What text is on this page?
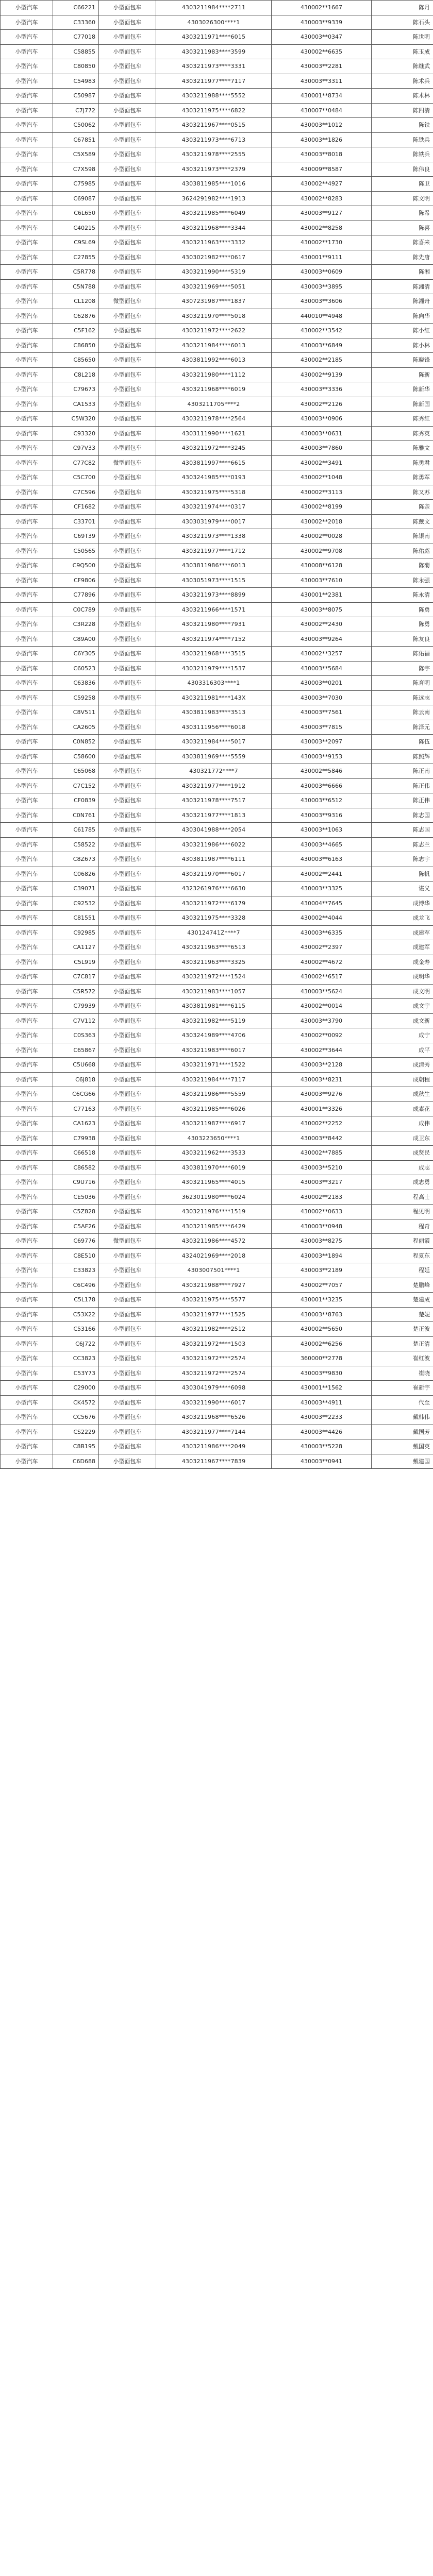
小型汽车	C66221	小型面包车	4303211984****2711	430002**1667	陈月
小型汽车	C33360	小型面包车	4303026300****1	430003**9339	陈石头
小型汽车	C77018	小型面包车	4303211971****6015	430003**0347	陈世明
小型汽车	C58855	小型面包车	4303211983****3599	430002**6635	陈玉成
小型汽车	C80850	小型面包车	4303211973****3331	430003**2281	陈继武
小型汽车	C54983	小型面包车	4303211977****7117	430003**3311	陈术兵
小型汽车	C50987	小型面包车	4303211988****5552	430001**8734	陈术林
小型汽车	C7J772	小型面包车	4303211975****6822	430007**0484	陈四清
小型汽车	C50062	小型面包车	4303211967****0515	430003**1012	陈铁
小型汽车	C67851	小型面包车	4303211973****6713	430003**1826	陈铁兵
小型汽车	C5X589	小型面包车	4303211978****2555	430003**8018	陈铁兵
小型汽车	C7X598	小型面包车	4303211973****2379	430009**8587	陈伟良
小型汽车	C75985	小型面包车	4303811985****1016	430002**4927	陈卫
小型汽车	C69087	小型面包车	3624291982****1913	430002**8283	陈文明
小型汽车	C6L650	小型面包车	4303211985****6049	430003**9127	陈希
小型汽车	C40215	小型面包车	4303211968****3344	430002**8258	陈喜
小型汽车	C9SL69	小型面包车	4303211963****3332	430002**1730	陈喜来
小型汽车	C27855	小型面包车	4303021982****0617	430001**9111	陈先唐
小型汽车	C5R778	小型面包车	4303211990****5319	430003**0609	陈湘
小型汽车	C5N788	小型面包车	4303211969****5051	430003**3895	陈湘清
小型汽车	CL1208	微型面包车	4307231987****1837	430003**3606	陈湘舟
小型汽车	C62876	小型面包车	4303211970****5018	440010**4948	陈向华
小型汽车	C5F162	小型面包车	4303211972****2622	430002**3542	陈小红
小型汽车	C86850	小型面包车	4303211984****6013	430003**6849	陈小林
小型汽车	C85650	小型面包车	4303811992****6013	430002**2185	陈晓锋
小型汽车	C8L218	小型面包车	4303211980****1112	430002**9139	陈新
小型汽车	C79673	小型面包车	4303211968****6019	430003**3336	陈新华
小型汽车	CA1533	小型面包车	4303211705****2	430002**2126	陈新国
小型汽车	C5W320	小型面包车	4303211978****2564	430003**0906	陈秀红
小型汽车	C93320	小型面包车	4303111990****1621	430003**0631	陈秀英
小型汽车	C97V33	小型面包车	4303211972****3245	430003**7860	陈雅文
小型汽车	C77C82	微型面包车	4303811997****6615	430002**3491	陈勇君
小型汽车	C5C700	小型面包车	4303241985****0193	430002**1048	陈勇军
小型汽车	C7C596	小型面包车	4303211975****5318	430002**3113	陈又苏
小型汽车	CF1682	小型面包车	4303211974****0317	430002**8199	陈亲
小型汽车	C33701	小型面包车	4303031979****0017	430002**2018	陈戴文
小型汽车	C69T39	小型面包车	4303211973****1338	430002**0028	陈银南
小型汽车	C50565	小型面包车	4303211977****1712	430002**9708	陈佑彪
小型汽车	C9Q500	小型面包车	4303811986****6013	430008**6128	陈菊
小型汽车	CF9806	小型面包车	4303051973****1515	430003**7610	陈永强
小型汽车	C77896	小型面包车	4303211973****8899	430001**2381	陈永清
小型汽车	C0C789	小型面包车	4303211966****1571	430003**8075	陈勇
小型汽车	C3R228	小型面包车	4303211980****7931	430002**2430	陈勇
小型汽车	C89A00	小型面包车	4303211974****7152	430003**9264	陈友良
小型汽车	C6Y305	小型面包车	4303211968****3515	430002**3257	陈佑福
小型汽车	C60523	小型面包车	4303211979****1537	430003**5684	陈宇
小型汽车	C63836	小型面包车	4303316303****1	430003**0201	陈育明
小型汽车	C59258	小型面包车	4303211981****143X	430003**7030	陈远志
小型汽车	C8V511	小型面包车	4303811983****3513	430003**7561	陈云南
小型汽车	CA2605	小型面包车	4303111956****6018	430003**7815	陈泽元
小型汽车	C0N852	小型面包车	4303211984****5017	430003**2097	陈伍
小型汽车	C58600	小型面包车	4303811969****5559	430003**9153	陈照辉
小型汽车	C65068	小型面包车	430321772****7	430002**5846	陈正南
小型汽车	C7C152	小型面包车	4303211977****1912	430003**6666	陈正伟
小型汽车	CF0839	小型面包车	4303211978****7517	430003**6512	陈正伟
小型汽车	C0N761	小型面包车	4303211977****1813	430003**9316	陈志国
小型汽车	C61785	小型面包车	4303041988****2054	430003**1063	陈志国
小型汽车	C58522	小型面包车	4303211986****6022	430003**4665	陈志兰
小型汽车	C8Z673	小型面包车	4303811987****6111	430003**6163	陈志宇
小型汽车	C06826	小型面包车	4303211970****6017	430002**2441	陈帆
小型汽车	C39071	小型面包车	4323261976****6630	430003**3325	谌义
小型汽车	C92532	小型面包车	4303211972****6179	430004**7645	成博华
小型汽车	C81551	小型面包车	4303211975****3328	430002**4044	成龙飞
小型汽车	C92985	小型面包车	430124741Z****7	430003**6335	成建军
小型汽车	CA1127	小型面包车	4303211963****6513	430002**2397	成建军
小型汽车	C5L919	小型面包车	4303211963****3325	430002**4672	成金寿
小型汽车	C7C817	小型面包车	4303211972****1524	430002**6517	成明华
小型汽车	C5R572	小型面包车	4303211983****1057	430003**5624	成文明
小型汽车	C79939	小型面包车	4303811981****6115	430002**0014	成文宇
小型汽车	C7V112	小型面包车	4303211982****5119	430003**3790	成文新
小型汽车	C0S363	小型面包车	4303241989****4706	430002**0092	成宁
小型汽车	C65867	小型面包车	4303211983****6017	430002**3644	成平
小型汽车	C5U668	小型面包车	4303211971****1522	430003**2128	成清秀
小型汽车	C6J818	小型面包车	4303211984****7117	430003**8231	成朝程
小型汽车	C6CG66	小型面包车	4303211986****5559	430003**9276	成秋生
小型汽车	C77163	小型面包车	4303211985****6026	430001**3326	成素花
小型汽车	CA1623	小型面包车	4303211987****6917	430002**2252	成伟
小型汽车	C79938	小型面包车	4303223650****1	430003**8442	成卫东
小型汽车	C66518	小型面包车	4303211962****3533	430002**7885	成贤民
小型汽车	C86582	小型面包车	4303811970****6019	430003**5210	成志
小型汽车	C9U716	小型面包车	4303211965****4015	430003**3217	成志勇
小型汽车	CE5036	小型面包车	3623011980****6024	430002**2183	程高士
小型汽车	C5Z828	小型面包车	4303211976****1519	430002**0633	程见明
小型汽车	C5AF26	小型面包车	4303211985****6429	430003**0948	程奇
小型汽车	C69776	微型面包车	4303211986****4572	430003**8275	程丽霞
小型汽车	C8E510	小型面包车	4324021969****2018	430003**1894	程夏东
小型汽车	C33823	小型面包车	4303007501****1	430003**2189	程延
小型汽车	C6C496	小型面包车	4303211988****7927	430002**7057	楚鹏峰
小型汽车	C5L178	小型面包车	4303211975****5577	430001**3235	楚建成
小型汽车	C53X22	小型面包车	4303211977****1525	430003**8763	楚妮
小型汽车	C53166	小型面包车	4303211982****2512	430002**5650	楚正波
小型汽车	C6J722	小型面包车	4303211972****1503	430002**6256	楚正清
小型汽车	CC3823	小型面包车	4303211972****2574	360000**2778	崔红波
小型汽车	C53Y73	小型面包车	4303211972****2574	430003**9830	崔晓
小型汽车	C29000	小型面包车	4303041979****6098	430001**1562	崔新宇
小型汽车	CK4572	小型面包车	4303211990****6017	430003**4911	代至
小型汽车	CC5676	小型面包车	4303211968****6526	430003**2233	戴韩伟
小型汽车	CS2229	小型面包车	4303211977****7144	430003**4426	戴国芳
小型汽车	C8B195	小型面包车	4303211986****2049	430003**5228	戴国英
小型汽车	C6D688	小型面包车	4303211967****7839	430003**0941	戴建国
